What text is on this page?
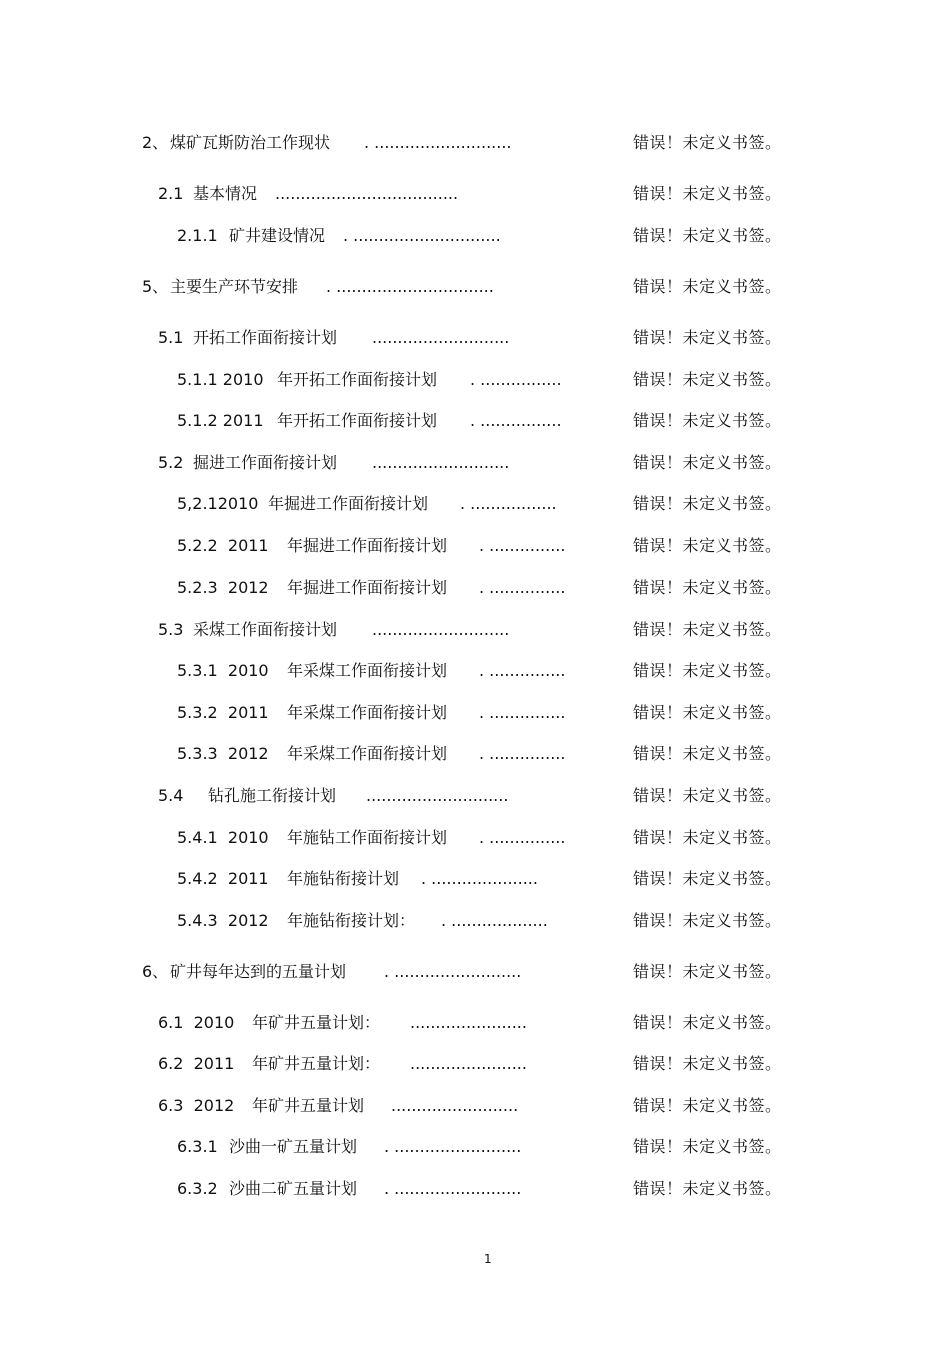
2、 煤矿瓦斯防治工作现状 . ...........................	错误！未定义书签。
2.1 基本情况 ....................................	错误！未定义书签。
2.1.1 矿井建设情况 . .............................	错误！未定义书签。
5、 主要生产环节安排 . ...............................	错误！未定义书签。
5.1 开拓工作面衔接计划 ...........................	错误！未定义书签。
5.1.1 2010 年开拓工作面衔接计划 . ................	错误！未定义书签。
5.1.2 2011 年开拓工作面衔接计划 . ................	错误！未定义书签。
5.2 掘进工作面衔接计划 ...........................	错误！未定义书签。
5,2.12010 年掘进工作面衔接计划 . .................	错误！未定义书签。
5.2.2  2011 年掘进工作面衔接计划 . ...............	错误！未定义书签。
5.2.3  2012 年掘进工作面衔接计划 . ...............	错误！未定义书签。
5.3 采煤工作面衔接计划 ...........................	错误！未定义书签。
5.3.1  2010 年采煤工作面衔接计划 . ...............	错误！未定义书签。
5.3.2  2011 年采煤工作面衔接计划 . ...............	错误！未定义书签。
5.3.3  2012 年采煤工作面衔接计划 . ...............	错误！未定义书签。
5.4 钻孔施工衔接计划 ............................	错误！未定义书签。
5.4.1  2010 年施钻工作面衔接计划 . ...............	错误！未定义书签。
5.4.2  2011 年施钻衔接计划 . .....................	错误！未定义书签。
5.4.3  2012 年施钻衔接计划： . ...................	错误！未定义书签。
6、 矿井每年达到的五量计划 . .........................	错误！未定义书签。
6.1  2010 年矿井五量计划： .......................	错误！未定义书签。
6.2  2011 年矿井五量计划： .......................	错误！未定义书签。
6.3  2012 年矿井五量计划 .........................	错误！未定义书签。
6.3.1 沙曲一矿五量计划 . .........................	错误！未定义书签。
6.3.2 沙曲二矿五量计划 . .........................	错误！未定义书签。
1
